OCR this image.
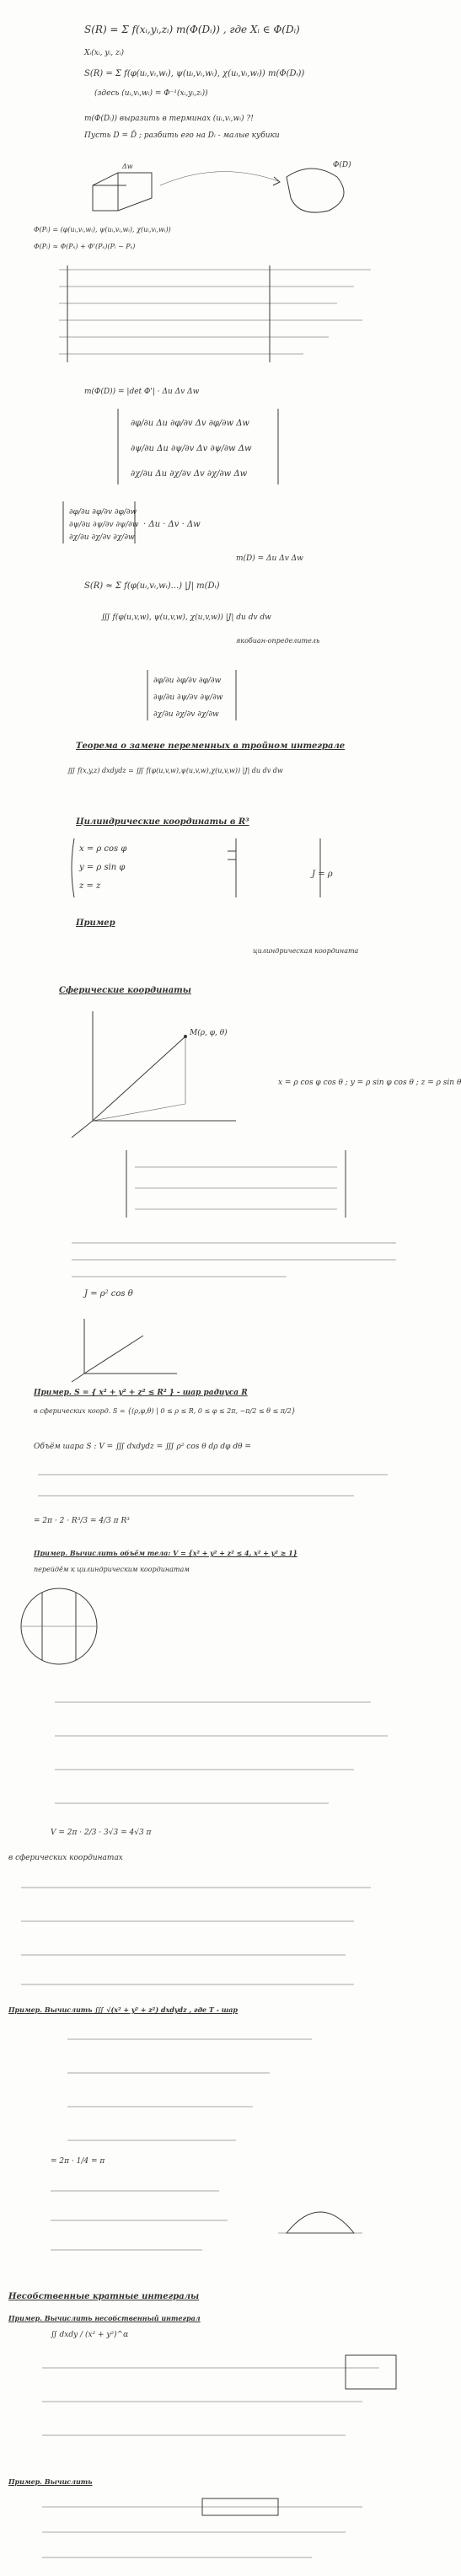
S(R) = Σ f(xᵢ,yᵢ,zᵢ) m(Φ(Dᵢ)) , где Xᵢ ∈ Φ(Dᵢ)
Xᵢ(xᵢ, yᵢ, zᵢ)
S(R) = Σ f(φ(uᵢ,vᵢ,wᵢ), ψ(uᵢ,vᵢ,wᵢ), χ(uᵢ,vᵢ,wᵢ)) m(Φ(Dᵢ))
(здесь (uᵢ,vᵢ,wᵢ) = Φ⁻¹(xᵢ,yᵢ,zᵢ))
m(Φ(Dᵢ)) выразить в терминах (uᵢ,vᵢ,wᵢ) ?!
Пусть D = D̄ ; разбить его на Dᵢ - малые кубики
Φ(D)
Δw
Φ(Pᵢ) = (φ(uᵢ,vᵢ,wᵢ), ψ(uᵢ,vᵢ,wᵢ), χ(uᵢ,vᵢ,wᵢ))
Φ(Pᵢ) ≈ Φ(Pₛ) + Φ'(Pₛ)(Pᵢ − Pₛ)
m(Φ(D)) = |det Φ'| · Δu Δv Δw
∂φ/∂u Δu ∂φ/∂v Δv ∂φ/∂w Δw
∂ψ/∂u Δu ∂ψ/∂v Δv ∂ψ/∂w Δw
∂χ/∂u Δu ∂χ/∂v Δv ∂χ/∂w Δw
∂φ/∂u ∂φ/∂v ∂φ/∂w
∂ψ/∂u ∂ψ/∂v ∂ψ/∂w
∂χ/∂u ∂χ/∂v ∂χ/∂w
· Δu · Δv · Δw
m(D) = Δu Δv Δw
S(R) ≈ Σ f(φ(uᵢ,vᵢ,wᵢ)...) |J| m(Dᵢ)
∭ f(φ(u,v,w), ψ(u,v,w), χ(u,v,w)) |J| du dv dw
якобиан-определитель
∂φ/∂u ∂φ/∂v ∂φ/∂w
∂ψ/∂u ∂ψ/∂v ∂ψ/∂w
∂χ/∂u ∂χ/∂v ∂χ/∂w
Теорема о замене переменных в тройном интеграле
∭ f(x,y,z) dxdydz = ∭ f(φ(u,v,w),ψ(u,v,w),χ(u,v,w)) |J| du dv dw
Цилиндрические координаты в R³
x = ρ cos φ
y = ρ sin φ
z = z
J = ρ
Пример
цилиндрическая координата
Сферические координаты
M(ρ, φ, θ)
x = ρ cos φ cos θ ; y = ρ sin φ cos θ ; z = ρ sin θ
J = ρ² cos θ
Пример. S = { x² + y² + z² ≤ R² } - шар радиуса R
в сферических коорд. S = {(ρ,φ,θ) | 0 ≤ ρ ≤ R, 0 ≤ φ ≤ 2π, −π/2 ≤ θ ≤ π/2}
Объём шара S : V = ∭ dxdydz = ∭ ρ² cos θ dρ dφ dθ =
= 2π · 2 · R³/3 = 4/3 π R³
Пример. Вычислить объём тела: V = {x² + y² + z² ≤ 4, x² + y² ≥ 1}
перейдём к цилиндрическим координатам
V = 2π · 2/3 · 3√3 = 4√3 π
в сферических координатах
Пример. Вычислить ∭ √(x² + y² + z²) dxdydz , где T - шар
= 2π · 1/4 = π
Несобственные кратные интегралы
Пример. Вычислить несобственный интеграл
∬ dxdy / (x² + y²)^α
Пример. Вычислить
